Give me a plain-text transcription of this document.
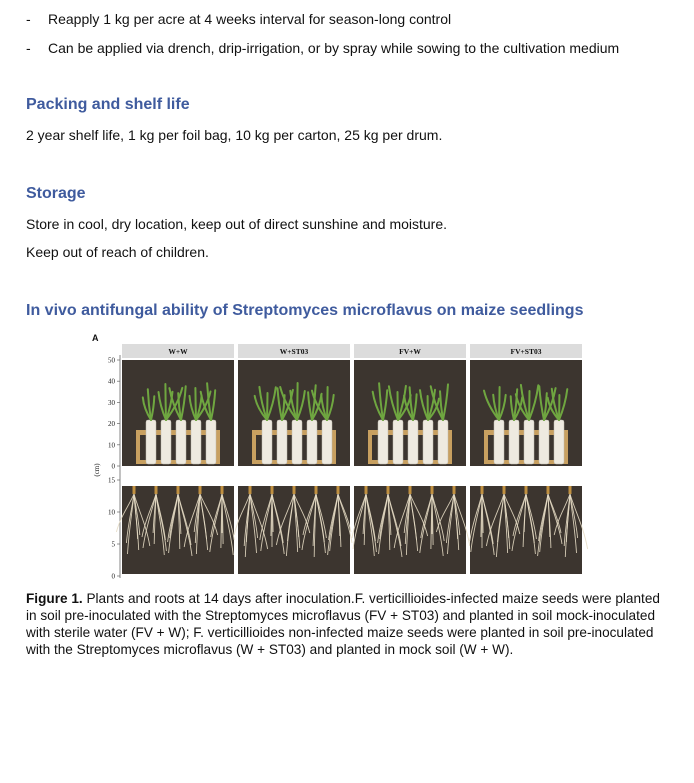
- Reapply 1 kg per acre at 4 weeks interval for season-long control
- Can be applied via drench, drip-irrigation, or by spray while sowing to the cultivation medium
Packing and shelf life
2 year shelf life, 1 kg per foil bag, 10 kg per carton, 25 kg per drum.
Storage
Store in cool, dry location, keep out of direct sunshine and moisture.
Keep out of reach of children.
In vivo antifungal ability of Streptomyces microflavus on maize seedlings
A
(cm)
50
40
30
20
10
0
15
10
5
0
W+W	W+ST03	FV+W	FV+ST03
Figure 1. Plants and roots at 14 days after inoculation.F. verticillioides-infected maize seeds were planted in soil pre-inoculated with the Streptomyces microflavus (FV + ST03) and planted in soil mock-inoculated with sterile water (FV + W); F. verticillioides non-infected maize seeds were planted in soil pre-inoculated with the Streptomyces microflavus (W + ST03) and planted in mock soil (W + W).
